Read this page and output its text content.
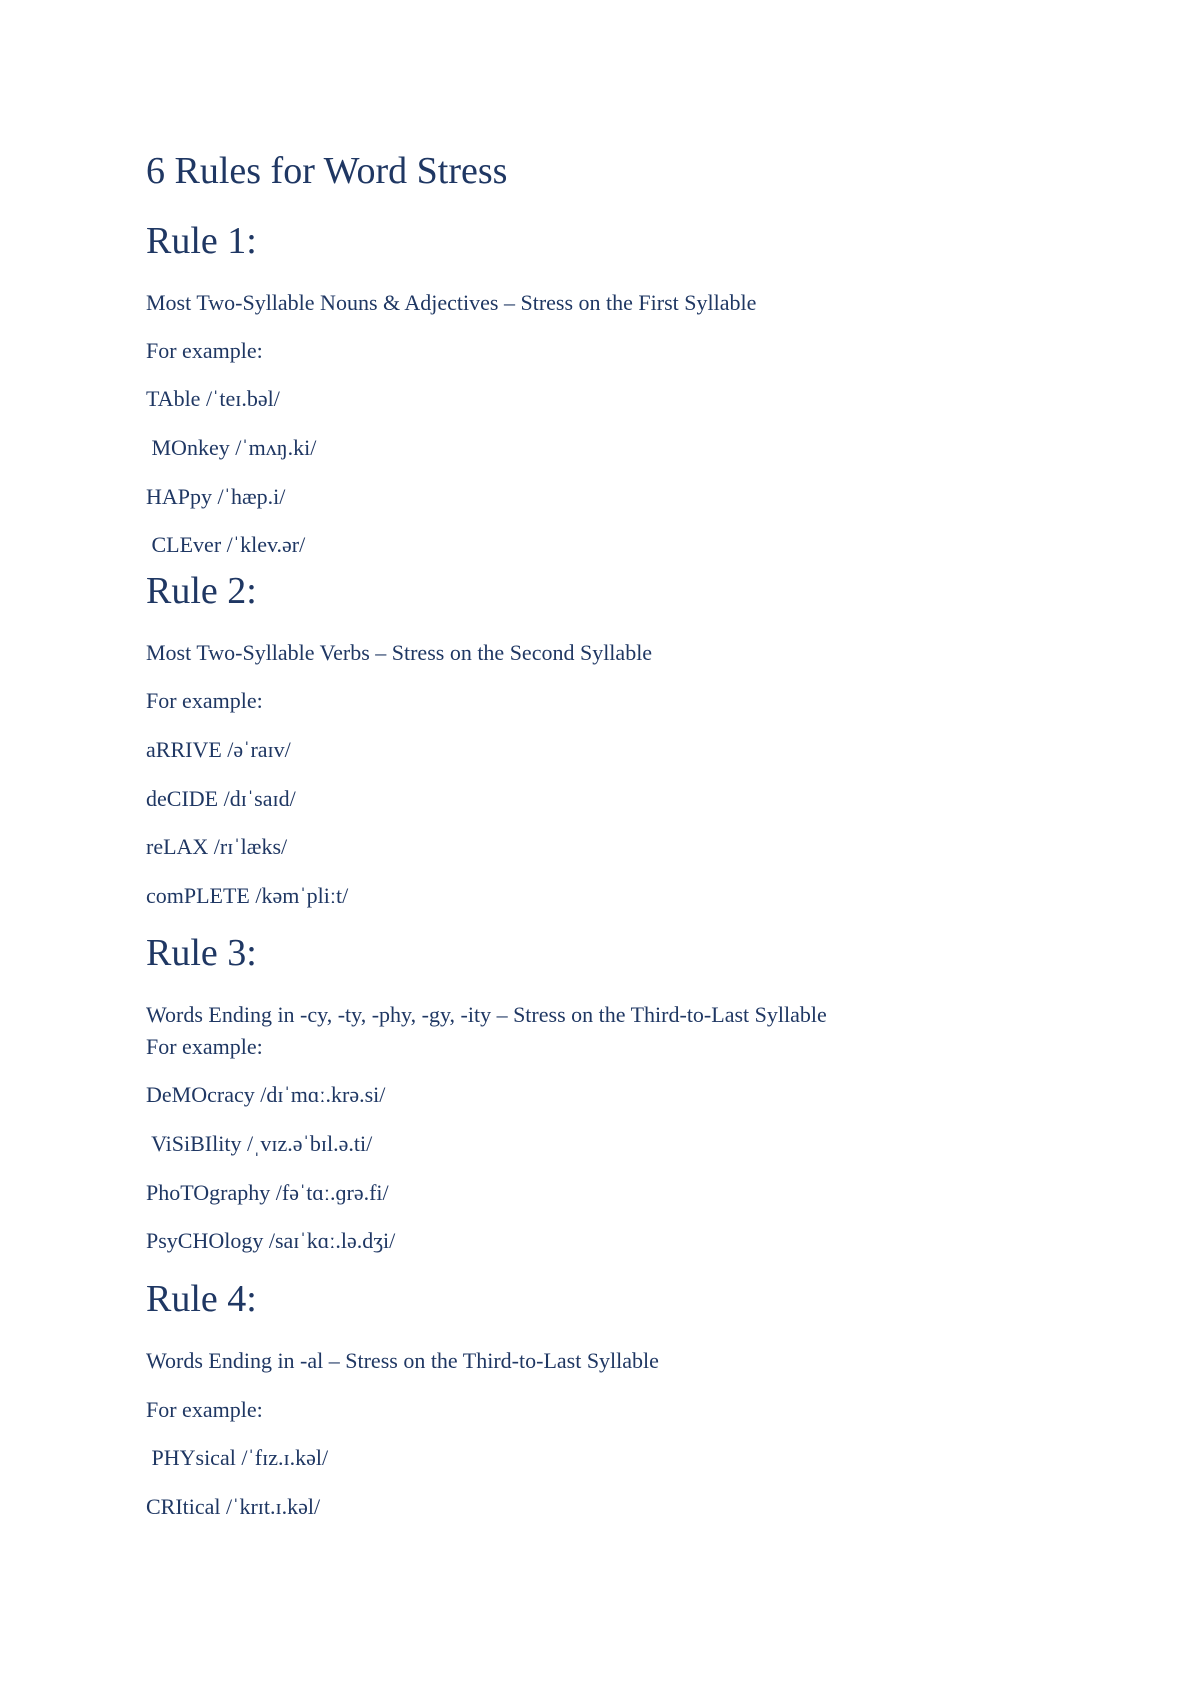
6 Rules for Word Stress

Rule 1:

Most Two-Syllable Nouns & Adjectives – Stress on the First Syllable

For example:

TAble /ˈteɪ.bəl/

MOnkey /ˈmʌŋ.ki/

HAPpy /ˈhæp.i/

CLEver /ˈklev.ər/

Rule 2:

Most Two-Syllable Verbs – Stress on the Second Syllable

For example:

aRRIVE /əˈraɪv/

deCIDE /dɪˈsaɪd/

reLAX /rɪˈlæks/

comPLETE /kəmˈpliːt/

Rule 3:

Words Ending in -cy, -ty, -phy, -gy, -ity – Stress on the Third-to-Last Syllable

For example:

DeMOcracy /dɪˈmɑː.krə.si/

ViSiBIlity /ˌvɪz.əˈbɪl.ə.ti/

PhoTOgraphy /fəˈtɑː.ɡrə.fi/

PsyCHOlogy /saɪˈkɑː.lə.dʒi/

Rule 4:

Words Ending in -al – Stress on the Third-to-Last Syllable

For example:

PHYsical /ˈfɪz.ɪ.kəl/

CRItical /ˈkrɪt.ɪ.kəl/
